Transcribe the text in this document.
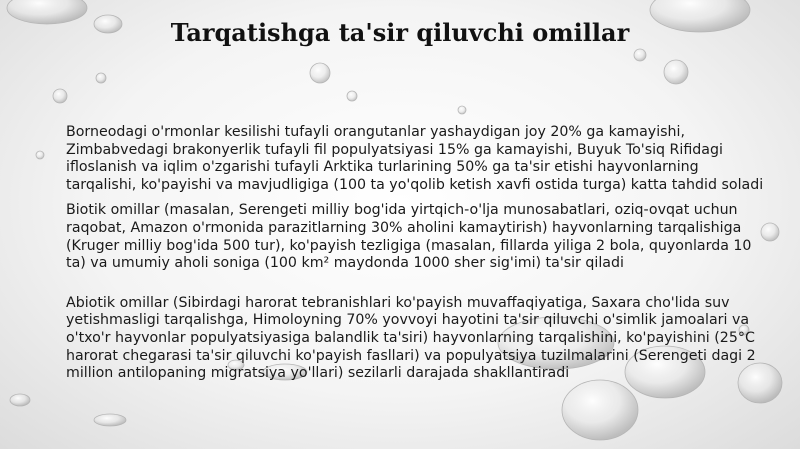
Tarqatishga ta'sir qiluvchi omillar

Borneodagi o'rmonlar kesilishi tufayli orangutanlar yashaydigan joy 20% ga kamayishi, Zimbabvedagi brakonyerlik tufayli fil populyatsiyasi 15% ga kamayishi, Buyuk To'siq Rifidagi ifloslanish va iqlim o'zgarishi tufayli Arktika turlarining 50% ga ta'sir etishi hayvonlarning tarqalishi, ko'payishi va mavjudligiga (100 ta yo'qolib ketish xavfi ostida turga) katta tahdid soladi

Biotik omillar (masalan, Serengeti milliy bog'ida yirtqich-o'lja munosabatlari, oziq-ovqat uchun raqobat, Amazon o'rmonida parazitlarning 30% aholini kamaytirish) hayvonlarning tarqalishiga (Kruger milliy bog'ida 500 tur), ko'payish tezligiga (masalan, fillarda yiliga 2 bola, quyonlarda 10 ta) va umumiy aholi soniga (100 km² maydonda 1000 sher sig'imi) ta'sir qiladi

Abiotik omillar (Sibirdagi harorat tebranishlari ko'payish muvaffaqiyatiga, Saxara cho'lida suv yetishmasligi tarqalishga, Himoloyning 70% yovvoyi hayotini ta'sir qiluvchi o'simlik jamoalari va o'txo'r hayvonlar populyatsiyasiga balandlik ta'siri) hayvonlarning tarqalishini, ko'payishini (25°C harorat chegarasi ta'sir qiluvchi ko'payish fasllari) va populyatsiya tuzilmalarini (Serengeti dagi 2 million antilopaning migratsiya yo'llari) sezilarli darajada shakllantiradi
